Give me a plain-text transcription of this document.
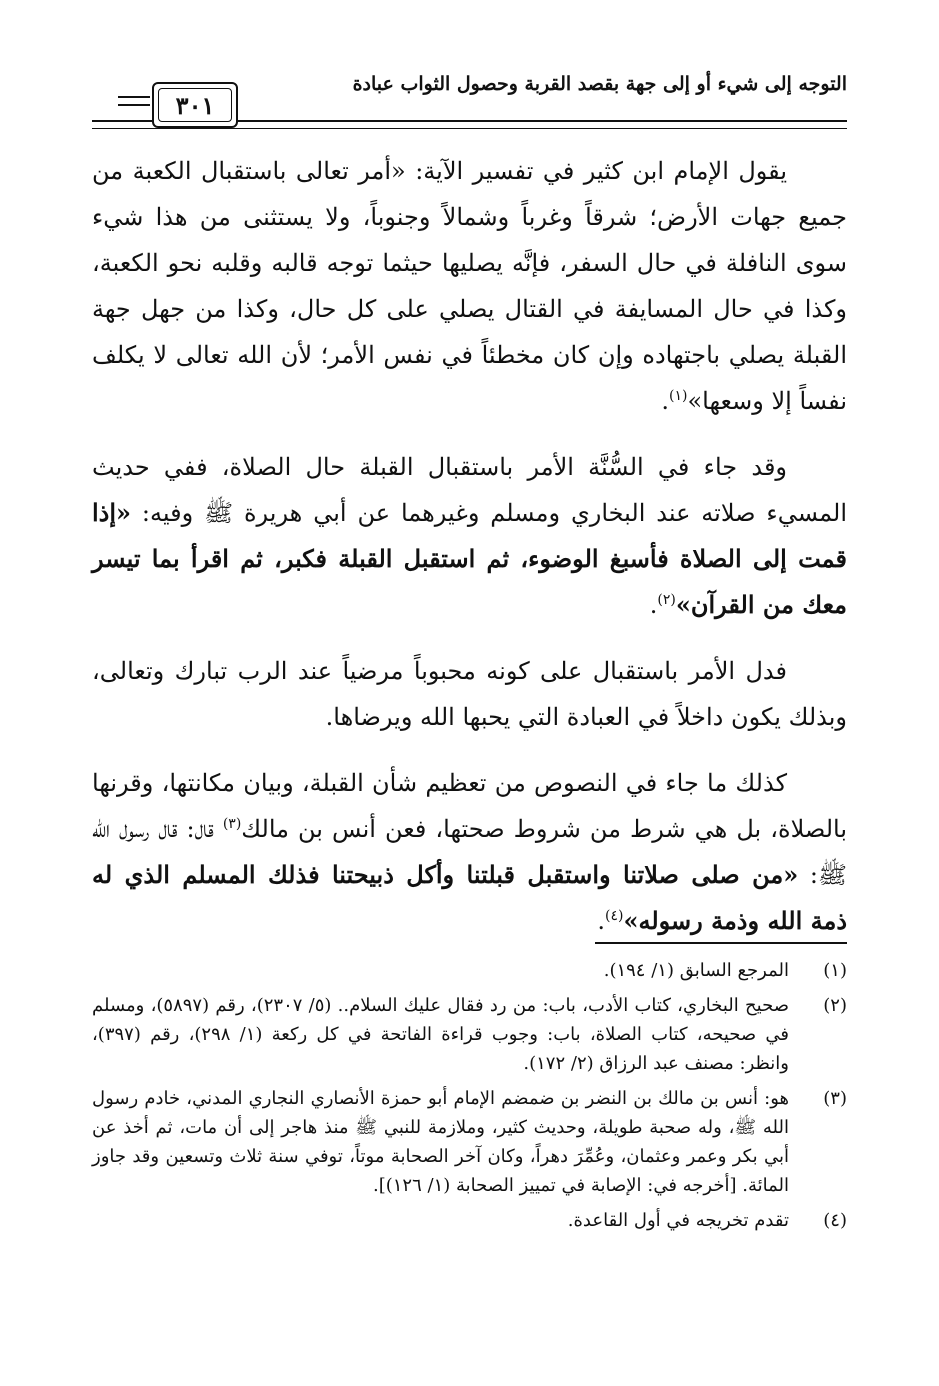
التوجه إلى شيء أو إلى جهة بقصد القربة وحصول الثواب عبادة
٣٠١

يقول الإمام ابن كثير في تفسير الآية: «أمر تعالى باستقبال الكعبة من جميع جهات الأرض؛ شرقاً وغرباً وشمالاً وجنوباً، ولا يستثنى من هذا شيء سوى النافلة في حال السفر، فإنَّه يصليها حيثما توجه قالبه وقلبه نحو الكعبة، وكذا في حال المسايفة في القتال يصلي على كل حال، وكذا من جهل جهة القبلة يصلي باجتهاده وإن كان مخطئاً في نفس الأمر؛ لأن الله تعالى لا يكلف نفساً إلا وسعها»$^{(١)}$.

وقد جاء في السُّنَّة الأمر باستقبال القبلة حال الصلاة، ففي حديث المسيء صلاته عند البخاري ومسلم وغيرهما عن أبي هريرة ﷺ وفيه: «إذا قمت إلى الصلاة فأسبغ الوضوء، ثم استقبل القبلة فكبر، ثم اقرأ بما تيسر معك من القرآن»$^{(٢)}$.

فدل الأمر باستقبال على كونه محبوباً مرضياً عند الرب تبارك وتعالى، وبذلك يكون داخلاً في العبادة التي يحبها الله ويرضاها.

كذلك ما جاء في النصوص من تعظيم شأن القبلة، وبيان مكانتها، وقرنها بالصلاة، بل هي شرط من شروط صحتها، فعن أنس بن مالك$^{(٣)}$ قال: قال رسول الله ﷺ: «من صلى صلاتنا واستقبل قبلتنا وأكل ذبيحتنا فذلك المسلم الذي له ذمة الله وذمة رسوله»$^{(٤)}$.

(١)
المرجع السابق (١/ ١٩٤).
(٢)
صحيح البخاري، كتاب الأدب، باب: من رد فقال عليك السلام.. (٥/ ٢٣٠٧)، رقم (٥٨٩٧)، ومسلم في صحيحه، كتاب الصلاة، باب: وجوب قراءة الفاتحة في كل ركعة (١/ ٢٩٨)، رقم (٣٩٧)، وانظر: مصنف عبد الرزاق (٢/ ١٧٢).
(٣)
هو: أنس بن مالك بن النضر بن ضمضم الإمام أبو حمزة الأنصاري النجاري المدني، خادم رسول الله ﷺ، وله صحبة طويلة، وحديث كثير، وملازمة للنبي ﷺ منذ هاجر إلى أن مات، ثم أخذ عن أبي بكر وعمر وعثمان، وعُمِّرَ دهراً، وكان آخر الصحابة موتاً، توفي سنة ثلاث وتسعين وقد جاوز المائة. [أخرجه في: الإصابة في تمييز الصحابة (١/ ١٢٦)].
(٤)
تقدم تخريجه في أول القاعدة.
